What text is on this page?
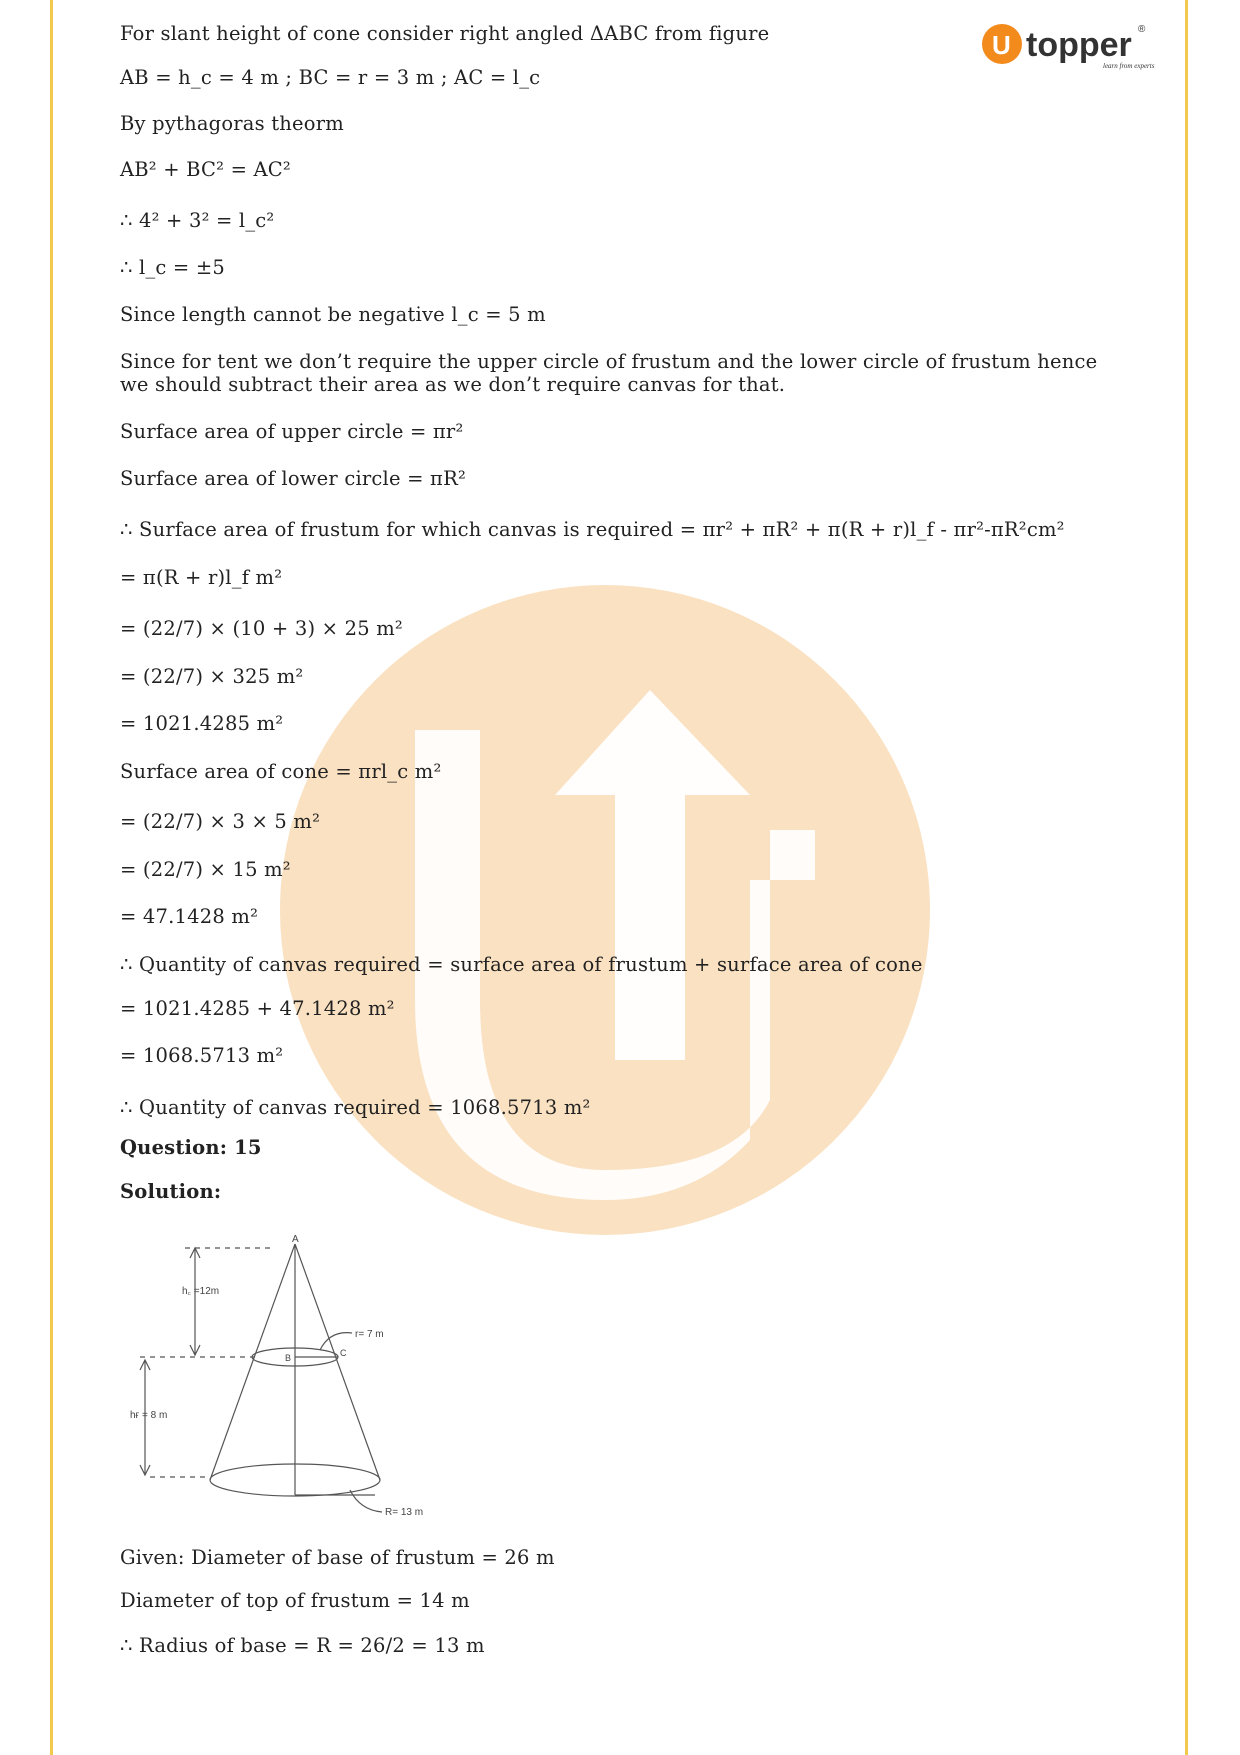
U topper
learn from experts
®
For slant height of cone consider right angled ΔABC from figure
AB = h_c = 4 m ; BC = r = 3 m ; AC = l_c
By pythagoras theorm
AB² + BC² = AC²
∴ 4² + 3² = l_c²
∴ l_c = ±5
Since length cannot be negative l_c = 5 m
Since for tent we don’t require the upper circle of frustum and the lower circle of frustum hence we should subtract their area as we don’t require canvas for that.
Surface area of upper circle = πr²
Surface area of lower circle = πR²
∴ Surface area of frustum for which canvas is required = πr² + πR² + π(R + r)l_f - πr²-πR²cm²
= π(R + r)l_f m²
= (22/7) × (10 + 3) × 25 m²
= (22/7) × 325 m²
= 1021.4285 m²
Surface area of cone = πrl_c m²
= (22/7) × 3 × 5 m²
= (22/7) × 15 m²
= 47.1428 m²
∴ Quantity of canvas required = surface area of frustum + surface area of cone
= 1021.4285 + 47.1428 m²
= 1068.5713 m²
∴ Quantity of canvas required = 1068.5713 m²
Question: 15
Solution:
A
B	C
h꜀ =12m
r= 7 m
hғ = 8 m
R= 13 m
Given: Diameter of base of frustum = 26 m
Diameter of top of frustum = 14 m
∴ Radius of base = R = 26/2 = 13 m
